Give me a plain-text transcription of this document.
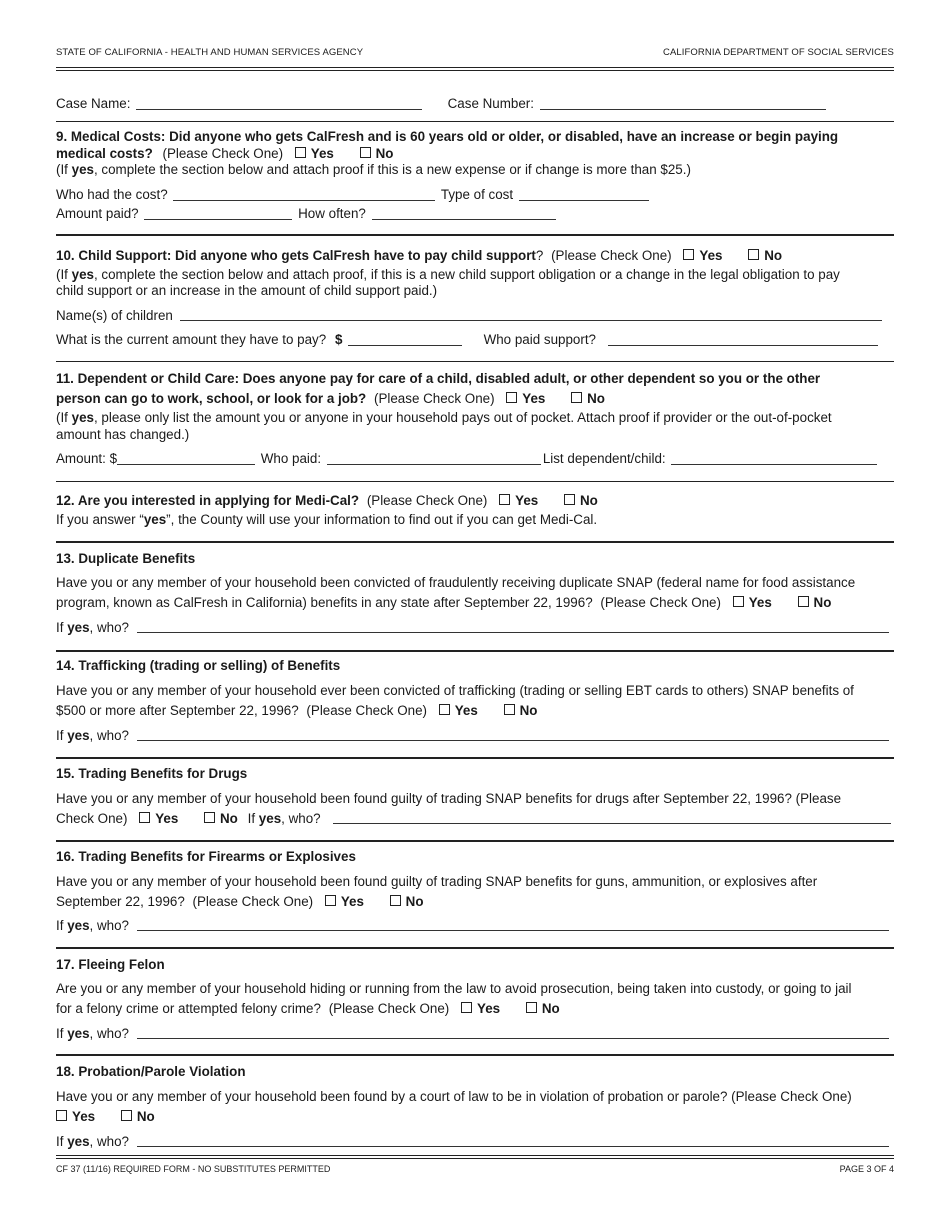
STATE OF CALIFORNIA - HEALTH AND HUMAN SERVICES AGENCY	CALIFORNIA DEPARTMENT OF SOCIAL SERVICES
Case Name:	Case Number:
9. Medical Costs: Did anyone who gets CalFresh and is 60 years old or older, or disabled, have an increase or begin paying
medical costs? (Please Check One) Yes	No
(If yes, complete the section below and attach proof if this is a new expense or if change is more than $25.)
Who had the cost?	Type of cost
Amount paid?	How often?
10. Child Support: Did anyone who gets CalFresh have to pay child support? (Please Check One) Yes	No
(If yes, complete the section below and attach proof, if this is a new child support obligation or a change in the legal obligation to pay
child support or an increase in the amount of child support paid.)
Name(s) of children
What is the current amount they have to pay? $	Who paid support?
11. Dependent or Child Care: Does anyone pay for care of a child, disabled adult, or other dependent so you or the other
person can go to work, school, or look for a job? (Please Check One) Yes	No
(If yes, please only list the amount you or anyone in your household pays out of pocket. Attach proof if provider or the out-of-pocket
amount has changed.)
Amount: $	Who paid:	List dependent/child:
12. Are you interested in applying for Medi-Cal? (Please Check One) Yes	No
If you answer “yes”, the County will use your information to find out if you can get Medi-Cal.
13. Duplicate Benefits
Have you or any member of your household been convicted of fraudulently receiving duplicate SNAP (federal name for food assistance
program, known as CalFresh in California) benefits in any state after September 22, 1996? (Please Check One) Yes	No
If yes, who?
14. Trafficking (trading or selling) of Benefits
Have you or any member of your household ever been convicted of trafficking (trading or selling EBT cards to others) SNAP benefits of
$500 or more after September 22, 1996? (Please Check One) Yes	No
If yes, who?
15. Trading Benefits for Drugs
Have you or any member of your household been found guilty of trading SNAP benefits for drugs after September 22, 1996? (Please
Check One) Yes	No If yes, who?
16. Trading Benefits for Firearms or Explosives
Have you or any member of your household been found guilty of trading SNAP benefits for guns, ammunition, or explosives after
September 22, 1996? (Please Check One) Yes	No
If yes, who?
17. Fleeing Felon
Are you or any member of your household hiding or running from the law to avoid prosecution, being taken into custody, or going to jail
for a felony crime or attempted felony crime? (Please Check One) Yes	No
If yes, who?
18. Probation/Parole Violation
Have you or any member of your household been found by a court of law to be in violation of probation or parole? (Please Check One)
Yes	No
If yes, who?
CF 37 (11/16) REQUIRED FORM - NO SUBSTITUTES PERMITTED	PAGE 3 OF 4
